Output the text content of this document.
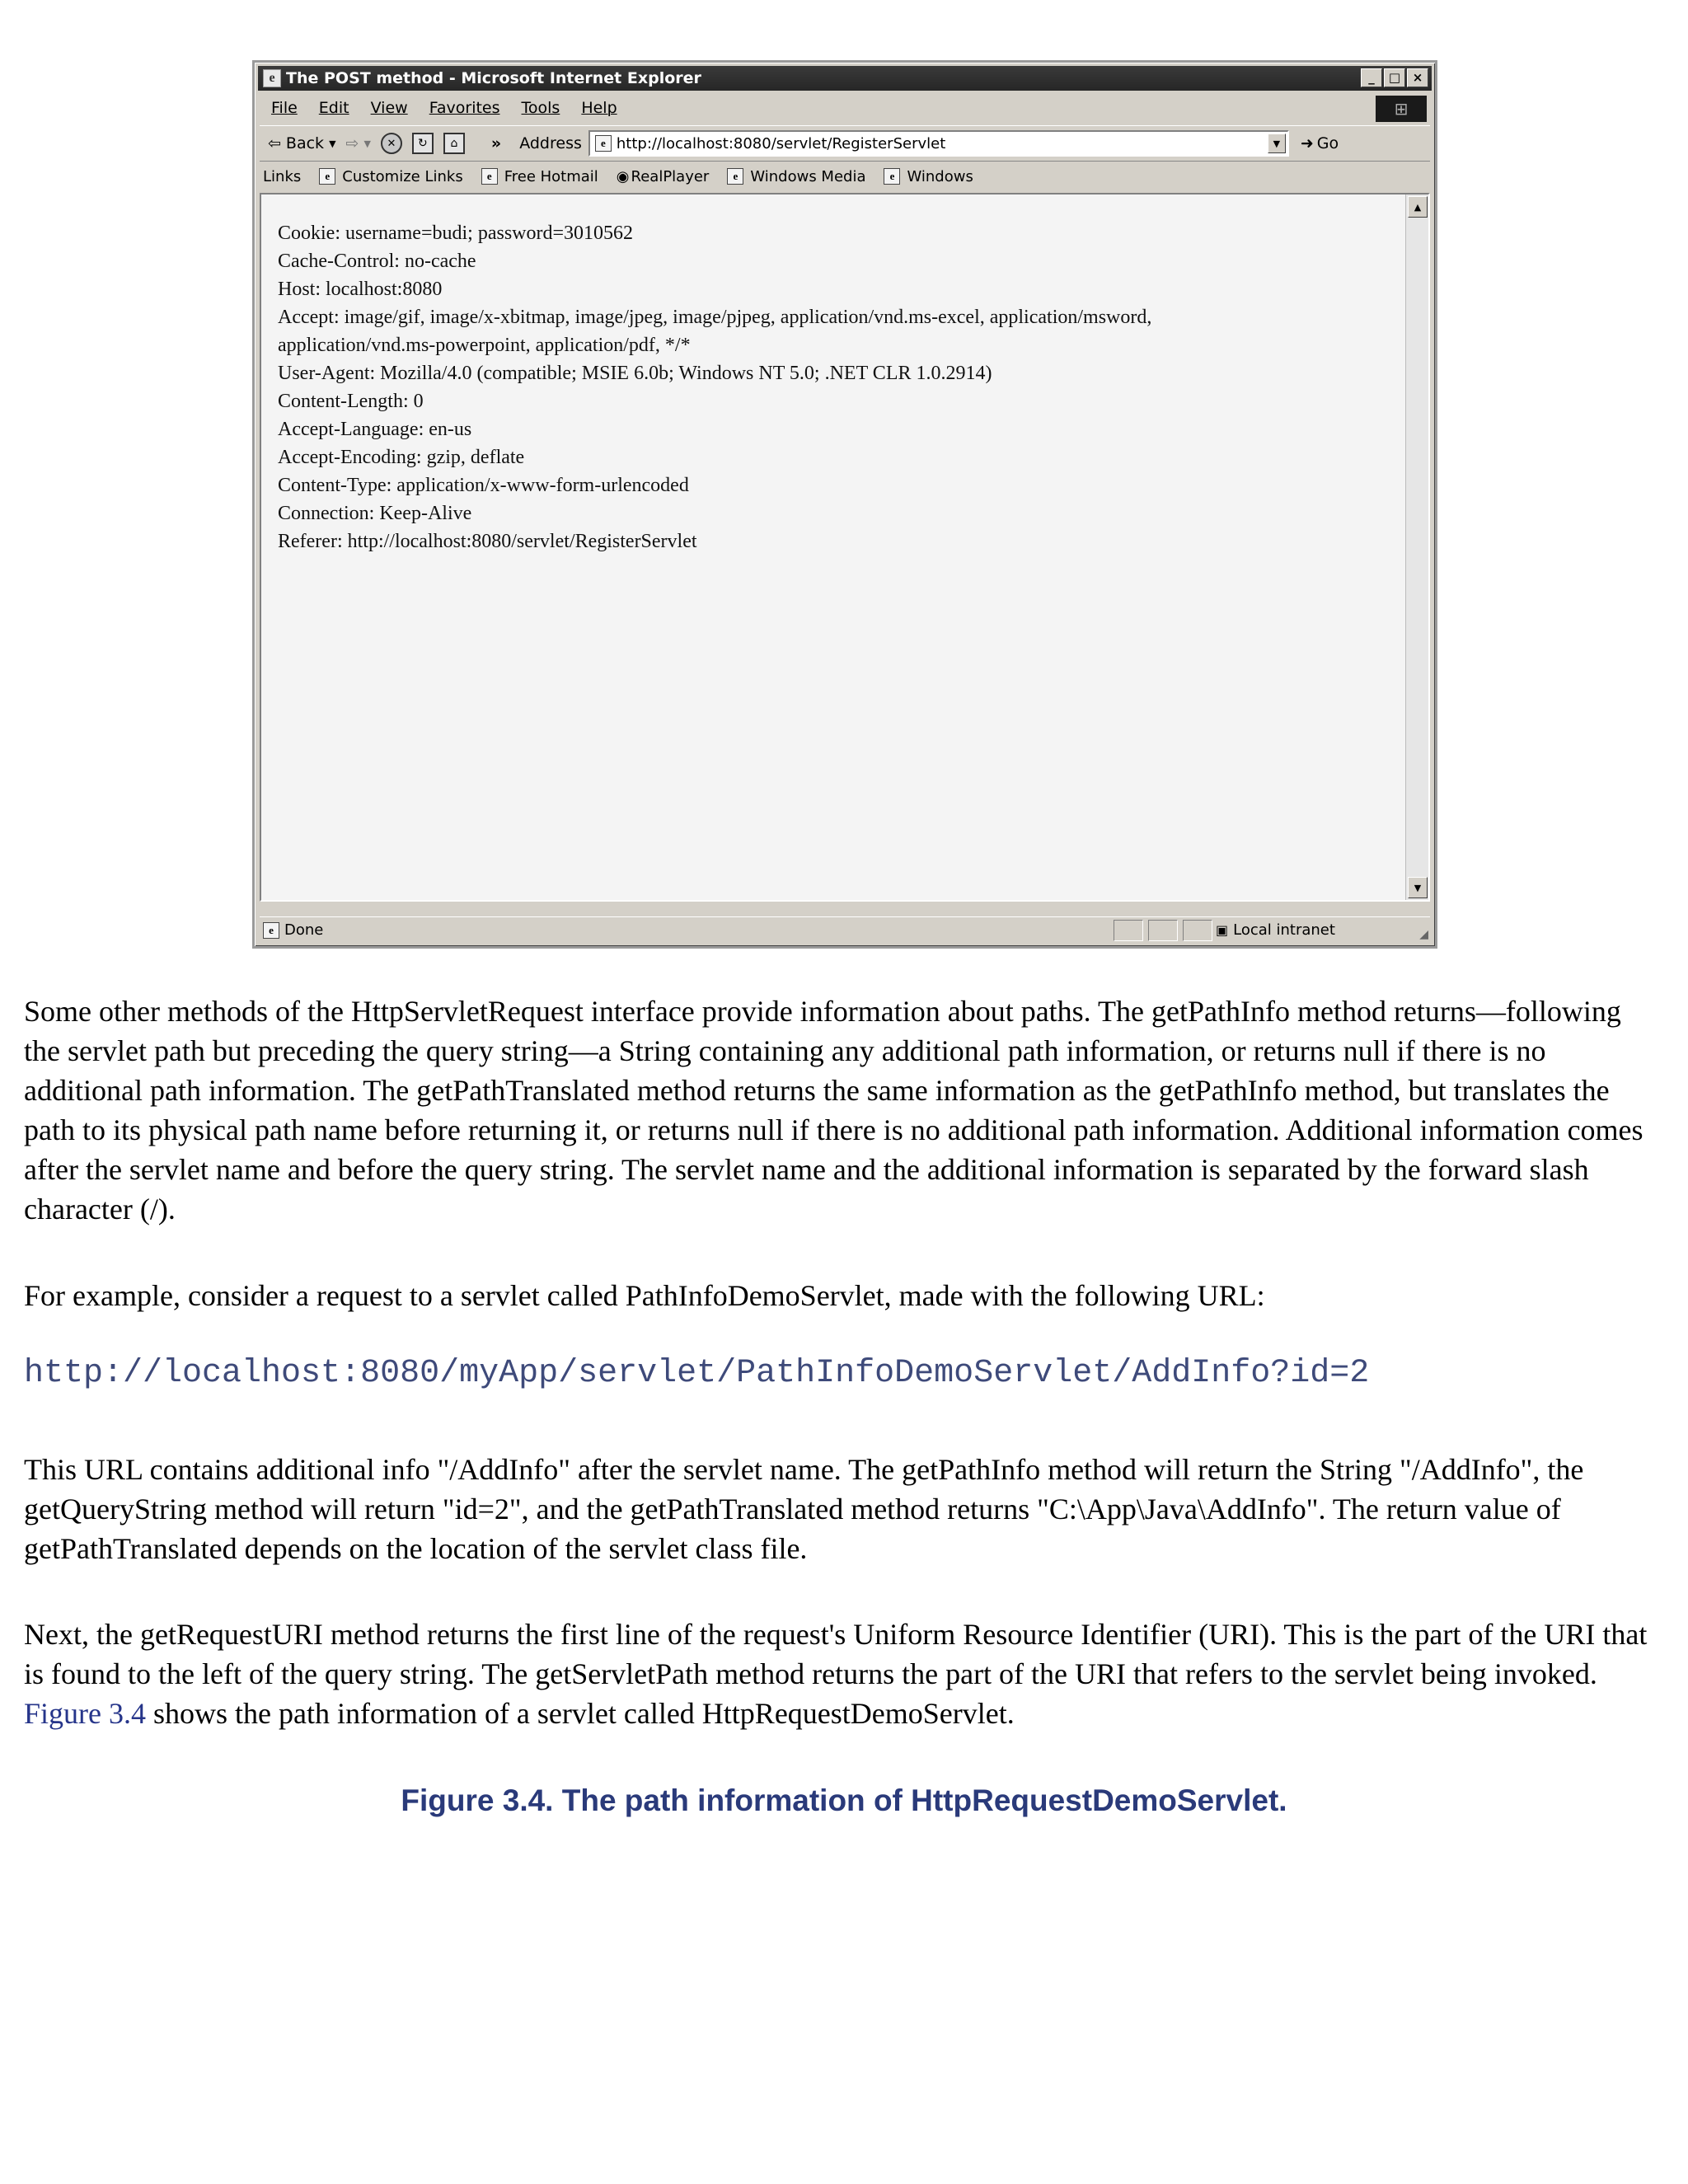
e The POST method - Microsoft Internet Explorer	_	□ ×
File Edit View Favorites Tools Help	⊞
⇦ Back ▼ ⇨ ▼	✕	↻	⌂	» Address	e http://localhost:8080/servlet/RegisterServlet	▼	➜ Go
Links	e Customize Links	e Free Hotmail ◉ RealPlayer	e Windows Media	e Windows
Cookie: username=budi; password=3010562
Cache-Control: no-cache
Host: localhost:8080
Accept: image/gif, image/x-xbitmap, image/jpeg, image/pjpeg, application/vnd.ms-excel, application/msword,
application/vnd.ms-powerpoint, application/pdf, */*
User-Agent: Mozilla/4.0 (compatible; MSIE 6.0b; Windows NT 5.0; .NET CLR 1.0.2914)
Content-Length: 0
Accept-Language: en-us
Accept-Encoding: gzip, deflate
Content-Type: application/x-www-form-urlencoded
Connection: Keep-Alive
Referer: http://localhost:8080/servlet/RegisterServlet
▲
▼
e Done	▣ Local intranet	◢

Some other methods of the HttpServletRequest interface provide information about paths. The getPathInfo method returns—following the servlet path but preceding the query string—a String containing any additional path information, or returns null if there is no additional path information. The getPathTranslated method returns the same information as the getPathInfo method, but translates the path to its physical path name before returning it, or returns null if there is no additional path information. Additional information comes after the servlet name and before the query string. The servlet name and the additional information is separated by the forward slash character (/).

For example, consider a request to a servlet called PathInfoDemoServlet, made with the following URL:

http://localhost:8080/myApp/servlet/PathInfoDemoServlet/AddInfo?id=2

This URL contains additional info "/AddInfo" after the servlet name. The getPathInfo method will return the String "/AddInfo", the getQueryString method will return "id=2", and the getPathTranslated method returns "C:\App\Java\AddInfo". The return value of getPathTranslated depends on the location of the servlet class file.

Next, the getRequestURI method returns the first line of the request's Uniform Resource Identifier (URI). This is the part of the URI that is found to the left of the query string. The getServletPath method returns the part of the URI that refers to the servlet being invoked. Figure 3.4 shows the path information of a servlet called HttpRequestDemoServlet.

Figure 3.4. The path information of HttpRequestDemoServlet.
